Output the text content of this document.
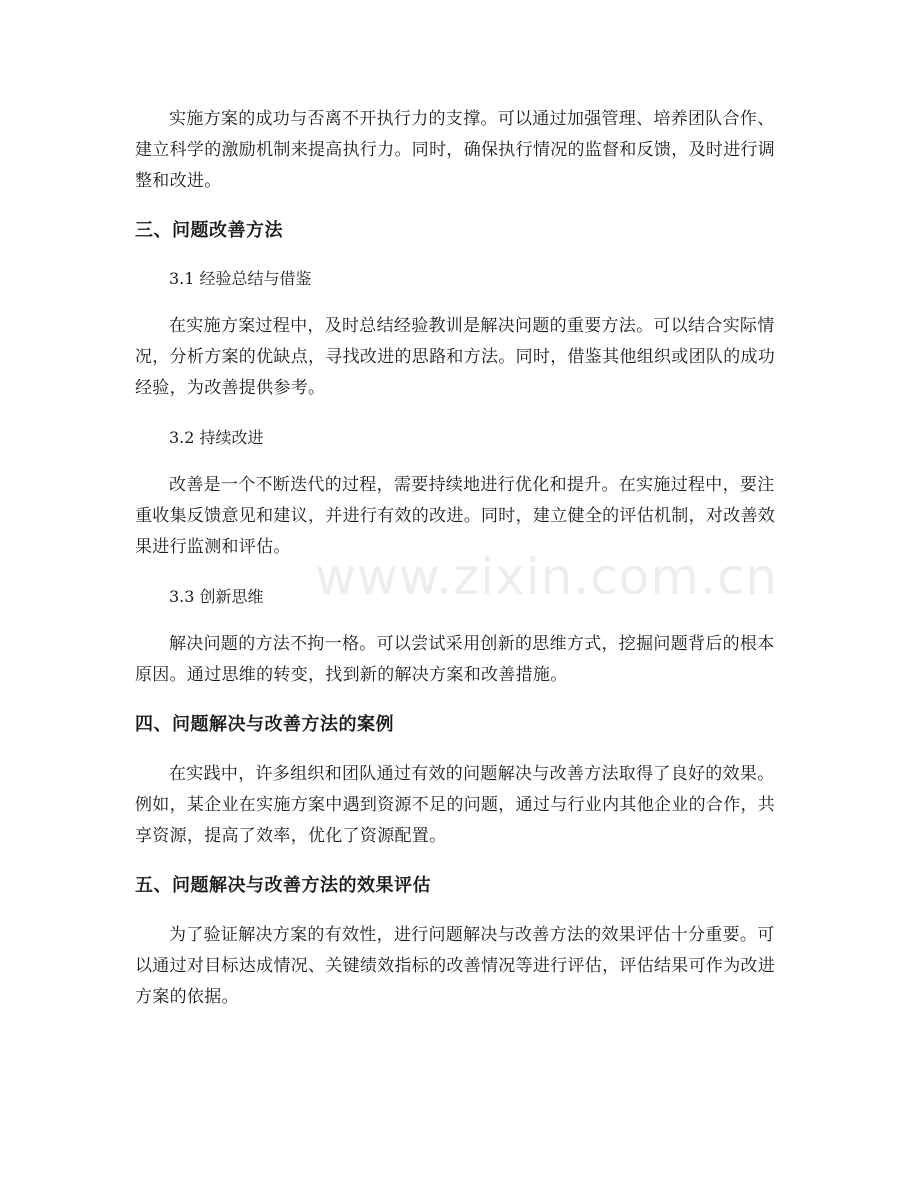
实施方案的成功与否离不开执行力的支撑。可以通过加强管理、培养团队合作、建立科学的激励机制来提高执行力。同时，确保执行情况的监督和反馈，及时进行调整和改进。

三、问题改善方法
3.1 经验总结与借鉴

在实施方案过程中，及时总结经验教训是解决问题的重要方法。可以结合实际情况，分析方案的优缺点，寻找改进的思路和方法。同时，借鉴其他组织或团队的成功经验，为改善提供参考。

3.2 持续改进

改善是一个不断迭代的过程，需要持续地进行优化和提升。在实施过程中，要注重收集反馈意见和建议，并进行有效的改进。同时，建立健全的评估机制，对改善效果进行监测和评估。

3.3 创新思维

解决问题的方法不拘一格。可以尝试采用创新的思维方式，挖掘问题背后的根本原因。通过思维的转变，找到新的解决方案和改善措施。

四、问题解决与改善方法的案例

在实践中，许多组织和团队通过有效的问题解决与改善方法取得了良好的效果。例如，某企业在实施方案中遇到资源不足的问题，通过与行业内其他企业的合作，共享资源，提高了效率，优化了资源配置。

五、问题解决与改善方法的效果评估

为了验证解决方案的有效性，进行问题解决与改善方法的效果评估十分重要。可以通过对目标达成情况、关键绩效指标的改善情况等进行评估，评估结果可作为改进方案的依据。

www.zixin.com.cn
